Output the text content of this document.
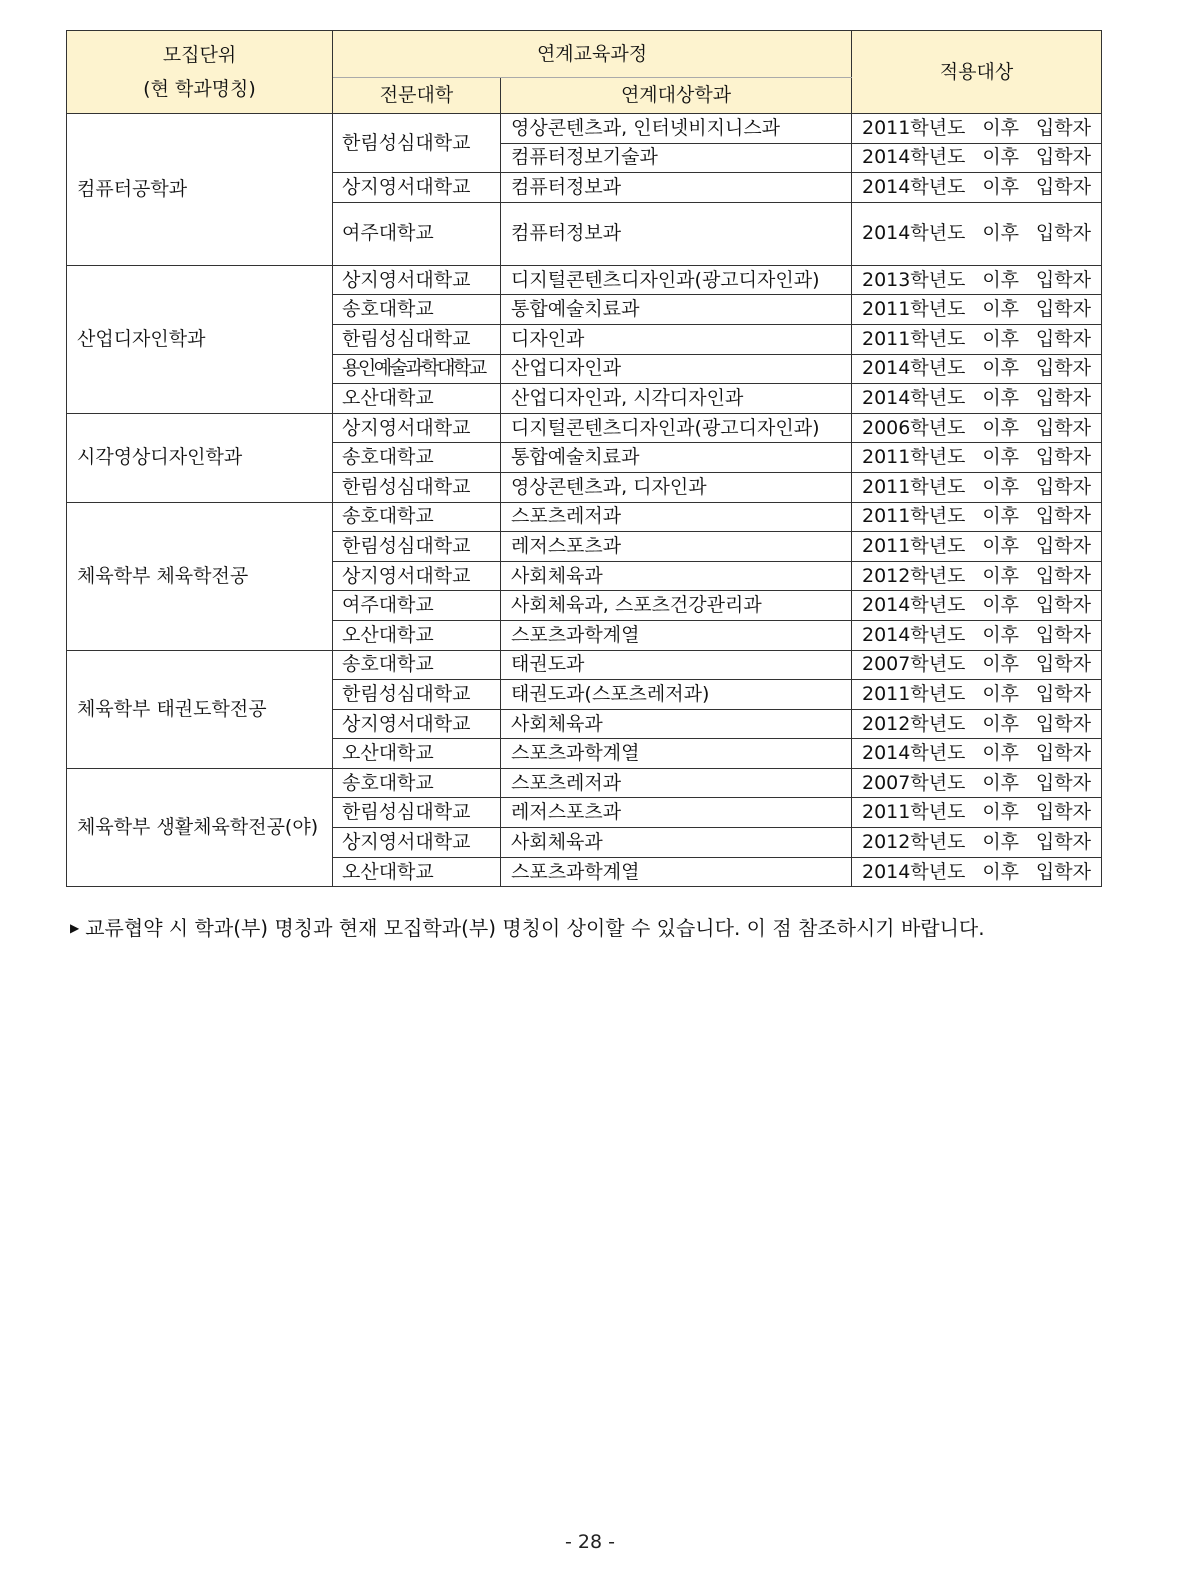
모집단위
(현 학과명칭)	연계교육과정		적용대상
	전문대학	연계대상학과	
컴퓨터공학과	한림성심대학교	영상콘텐츠과, 인터넷비지니스과	2011학년도 이후 입학자
		컴퓨터정보기술과	2014학년도 이후 입학자
	상지영서대학교	컴퓨터정보과	2014학년도 이후 입학자
	여주대학교	컴퓨터정보과	2014학년도 이후 입학자
산업디자인학과	상지영서대학교	디지털콘텐츠디자인과(광고디자인과)	2013학년도 이후 입학자
	송호대학교	통합예술치료과	2011학년도 이후 입학자
	한림성심대학교	디자인과	2011학년도 이후 입학자
	용인예술과학대학교	산업디자인과	2014학년도 이후 입학자
	오산대학교	산업디자인과, 시각디자인과	2014학년도 이후 입학자
시각영상디자인학과	상지영서대학교	디지털콘텐츠디자인과(광고디자인과)	2006학년도 이후 입학자
	송호대학교	통합예술치료과	2011학년도 이후 입학자
	한림성심대학교	영상콘텐츠과, 디자인과	2011학년도 이후 입학자
체육학부 체육학전공	송호대학교	스포츠레저과	2011학년도 이후 입학자
	한림성심대학교	레저스포츠과	2011학년도 이후 입학자
	상지영서대학교	사회체육과	2012학년도 이후 입학자
	여주대학교	사회체육과, 스포츠건강관리과	2014학년도 이후 입학자
	오산대학교	스포츠과학계열	2014학년도 이후 입학자
체육학부 태권도학전공	송호대학교	태권도과	2007학년도 이후 입학자
	한림성심대학교	태권도과(스포츠레저과)	2011학년도 이후 입학자
	상지영서대학교	사회체육과	2012학년도 이후 입학자
	오산대학교	스포츠과학계열	2014학년도 이후 입학자
체육학부 생활체육학전공(야)	송호대학교	스포츠레저과	2007학년도 이후 입학자
	한림성심대학교	레저스포츠과	2011학년도 이후 입학자
	상지영서대학교	사회체육과	2012학년도 이후 입학자
	오산대학교	스포츠과학계열	2014학년도 이후 입학자
▶ 교류협약 시 학과(부) 명칭과 현재 모집학과(부) 명칭이 상이할 수 있습니다. 이 점 참조하시기 바랍니다.
- 28 -
